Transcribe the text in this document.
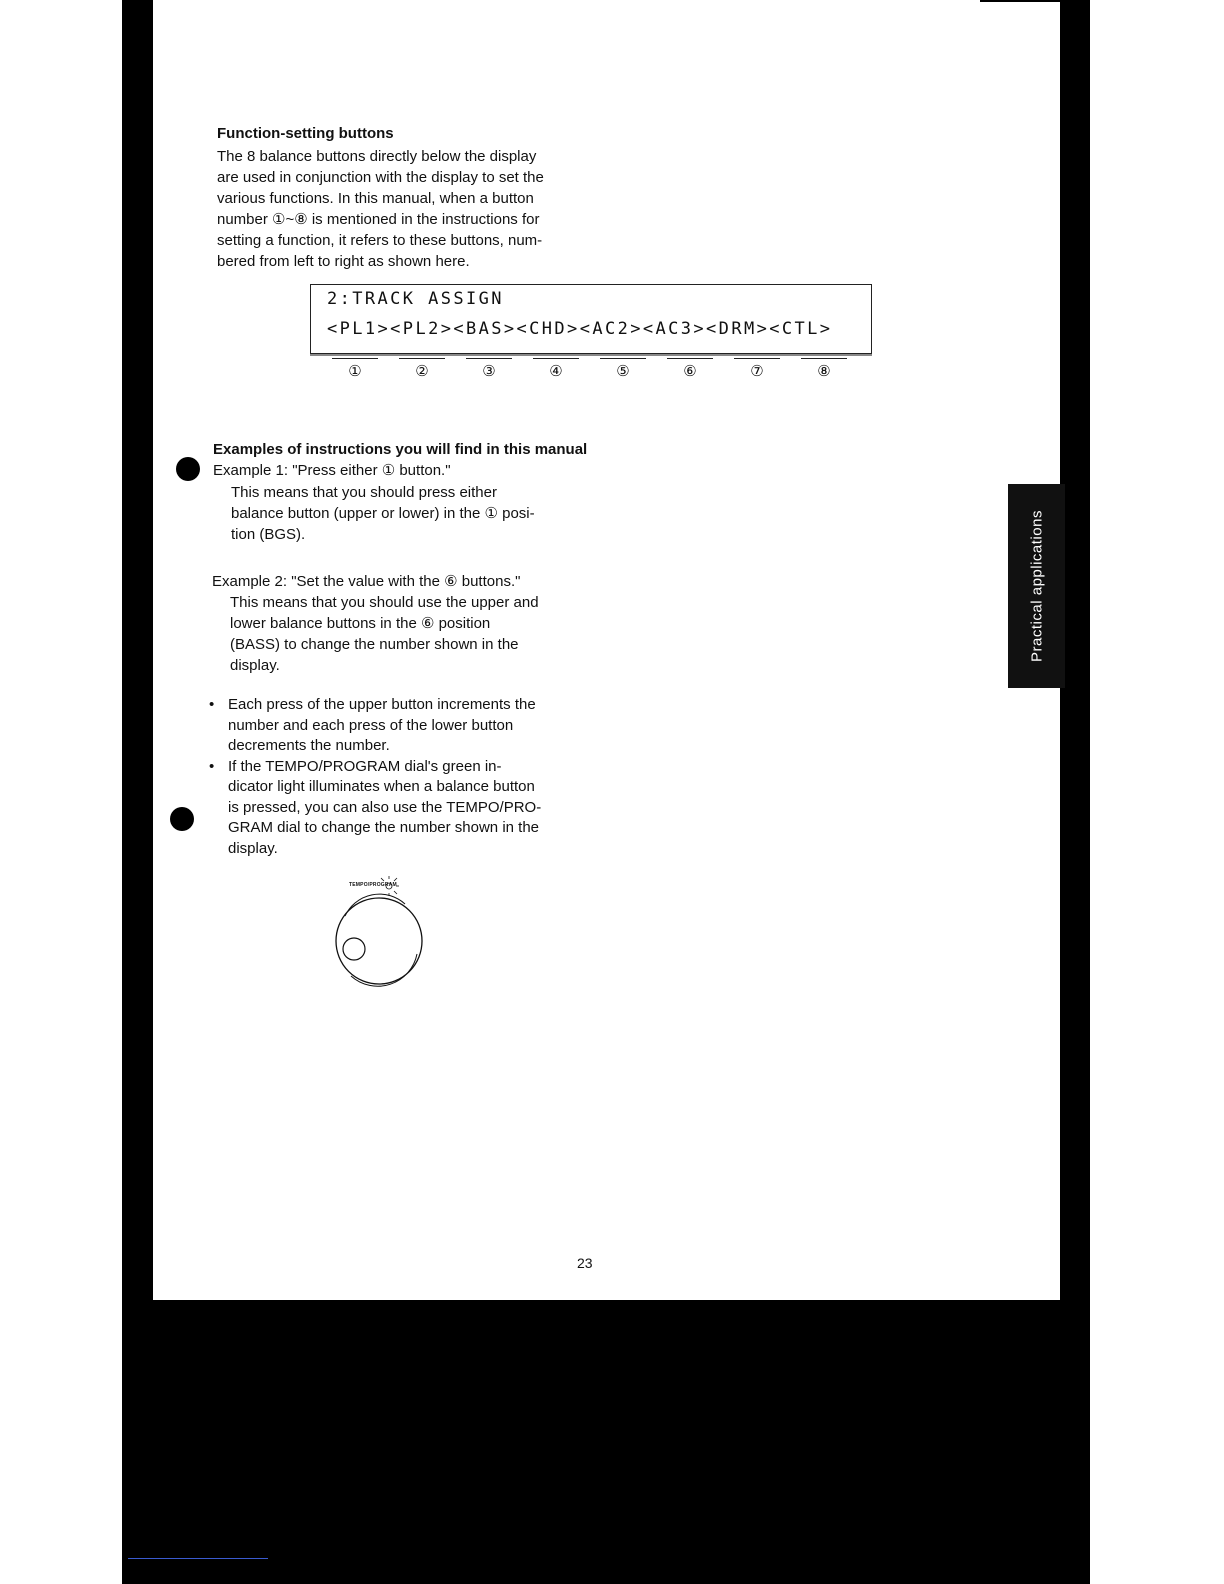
Function-setting buttons

The 8 balance buttons directly below the display

are used in conjunction with the display to set the

various functions. In this manual, when a button

number ①~⑧ is mentioned in the instructions for

setting a function, it refers to these buttons, num-

bered from left to right as shown here.

2:TRACK ASSIGN
<PL1><PL2><BAS><CHD><AC2><AC3><DRM><CTL>
①	②	③	④	⑤	⑥	⑦	⑧
Examples of instructions you will find in this manual
Example 1: "Press either ① button."

This means that you should press either

balance button (upper or lower) in the ① posi-

tion (BGS).

Example 2: "Set the value with the ⑥ buttons."

This means that you should use the upper and

lower balance buttons in the ⑥ position

(BASS) to change the number shown in the

display.

• Each press of the upper button increments the
number and each press of the lower button
decrements the number.
• If the TEMPO/PROGRAM dial's green in-
dicator light illuminates when a balance button
is pressed, you can also use the TEMPO/PRO-
GRAM dial to change the number shown in the
display.
TEMPO/PROGRAM
23
Practical applications
